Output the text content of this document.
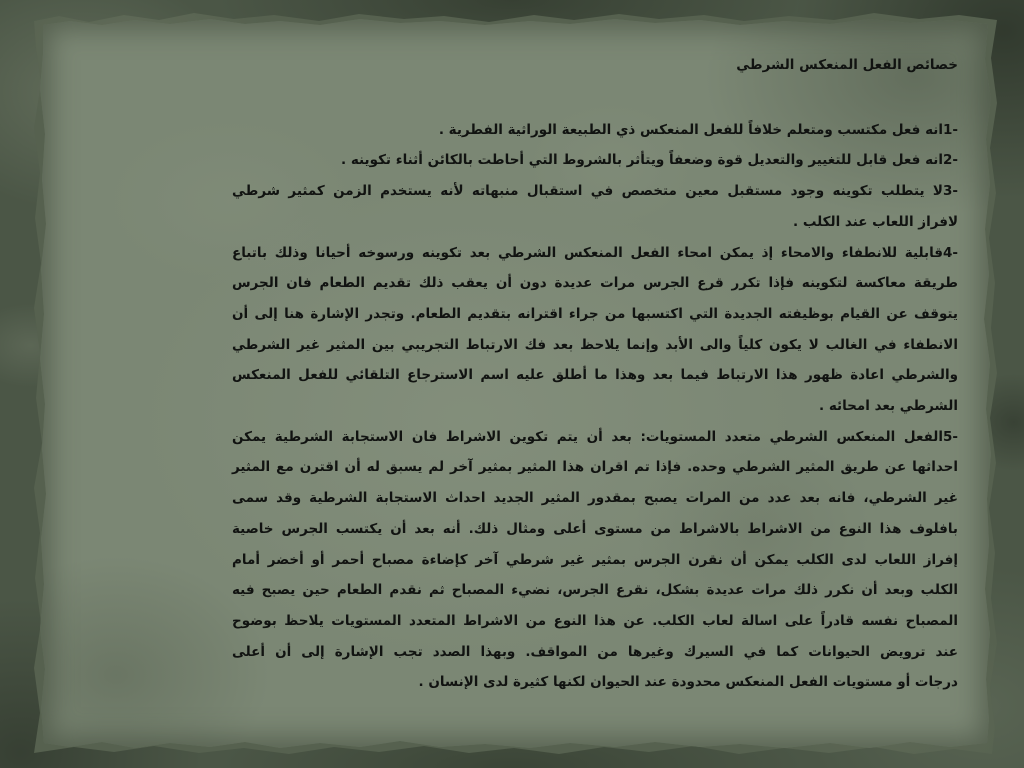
خصائص الفعل المنعكس الشرطي
-1انه فعل مكتسب ومتعلم خلافاً للفعل المنعكس ذي الطبيعة الوراثية الفطرية .
-2انه فعل قابل للتغيير والتعديل قوة وضعفاً ويتأثر بالشروط التي أحاطت بالكائن أثناء تكوينه .
-3لا يتطلب تكوينه وجود مستقبل معين متخصص في استقبال منبهاته لأنه يستخدم الزمن كمثير شرطي
لافراز اللعاب عند الكلب .
-4قابلية للانطفاء والامحاء إذ يمكن امحاء الفعل المنعكس الشرطي بعد تكوينه ورسوخه أحيانا وذلك باتباع
طريقة معاكسة لتكوينه فإذا تكرر قرع الجرس مرات عديدة دون أن يعقب ذلك تقديم الطعام فان الجرس
يتوقف عن القيام بوظيفته الجديدة التي اكتسبها من جراء اقترانه بتقديم الطعام. وتجدر الإشارة هنا إلى أن
الانطفاء في الغالب لا يكون كلياً والى الأبد وإنما يلاحظ بعد فك الارتباط التجريبي بين المثير غير الشرطي
والشرطي اعادة ظهور هذا الارتباط فيما بعد وهذا ما أطلق عليه اسم الاسترجاع التلقائي للفعل المنعكس
الشرطي بعد امحائه .
-5الفعل المنعكس الشرطي متعدد المستويات: بعد أن يتم تكوين الاشراط فان الاستجابة الشرطية يمكن
احداثها عن طريق المثير الشرطي وحده. فإذا تم اقران هذا المثير بمثير آخر لم يسبق له أن اقترن مع المثير
غير الشرطي، فانه بعد عدد من المرات يصبح بمقدور المثير الجديد احداث الاستجابة الشرطية وقد سمى
بافلوف هذا النوع من الاشراط بالاشراط من مستوى أعلى ومثال ذلك. أنه بعد أن يكتسب الجرس خاصية
إفراز اللعاب لدى الكلب يمكن أن نقرن الجرس بمثير غير شرطي آخر كإضاءة مصباح أحمر أو أخضر أمام
الكلب وبعد أن نكرر ذلك مرات عديدة بشكل، نقرع الجرس، نضيء المصباح ثم نقدم الطعام حين يصبح فيه
المصباح نفسه قادراً على اسالة لعاب الكلب. عن هذا النوع من الاشراط المتعدد المستويات يلاحظ بوضوح
عند ترويض الحيوانات كما في السيرك وغيرها من المواقف. وبهذا الصدد تجب الإشارة إلى أن أعلى
درجات أو مستويات الفعل المنعكس محدودة عند الحيوان لكنها كثيرة لدى الإنسان .
